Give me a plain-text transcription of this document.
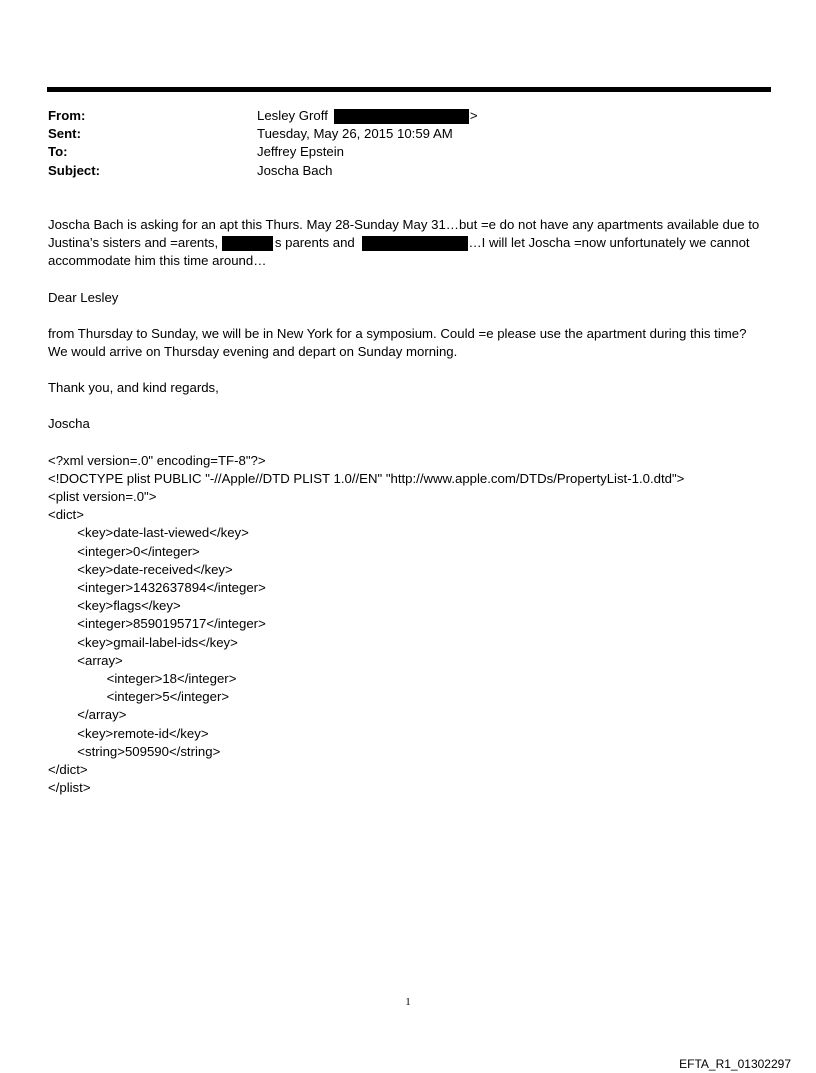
From:	Lesley Groff	>
Sent:	Tuesday, May 26, 2015 10:59 AM
To:	Jeffrey Epstein
Subject:	Joscha Bach

Joscha Bach is asking for an apt this Thurs. May 28-Sunday May 31…but =e do not have any apartments available due to
Justina’s sisters and =arents,	s parents and	…I will let Joscha =now unfortunately we cannot
accommodate him this time around…

Dear Lesley

from Thursday to Sunday, we will be in New York for a symposium. Could =e please use the apartment during this time?
We would arrive on Thursday evening and depart on Sunday morning.

Thank you, and kind regards,

Joscha

<?xml version=.0" encoding=TF-8"?>
<!DOCTYPE plist PUBLIC "-//Apple//DTD PLIST 1.0//EN" "http://www.apple.com/DTDs/PropertyList-1.0.dtd">
<plist version=.0">
<dict>
<key>date-last-viewed</key>
<integer>0</integer>
<key>date-received</key>
<integer>1432637894</integer>
<key>flags</key>
<integer>8590195717</integer>
<key>gmail-label-ids</key>
<array>
<integer>18</integer>
<integer>5</integer>
</array>
<key>remote-id</key>
<string>509590</string>
</dict>
</plist>
1
EFTA_R1_01302297
